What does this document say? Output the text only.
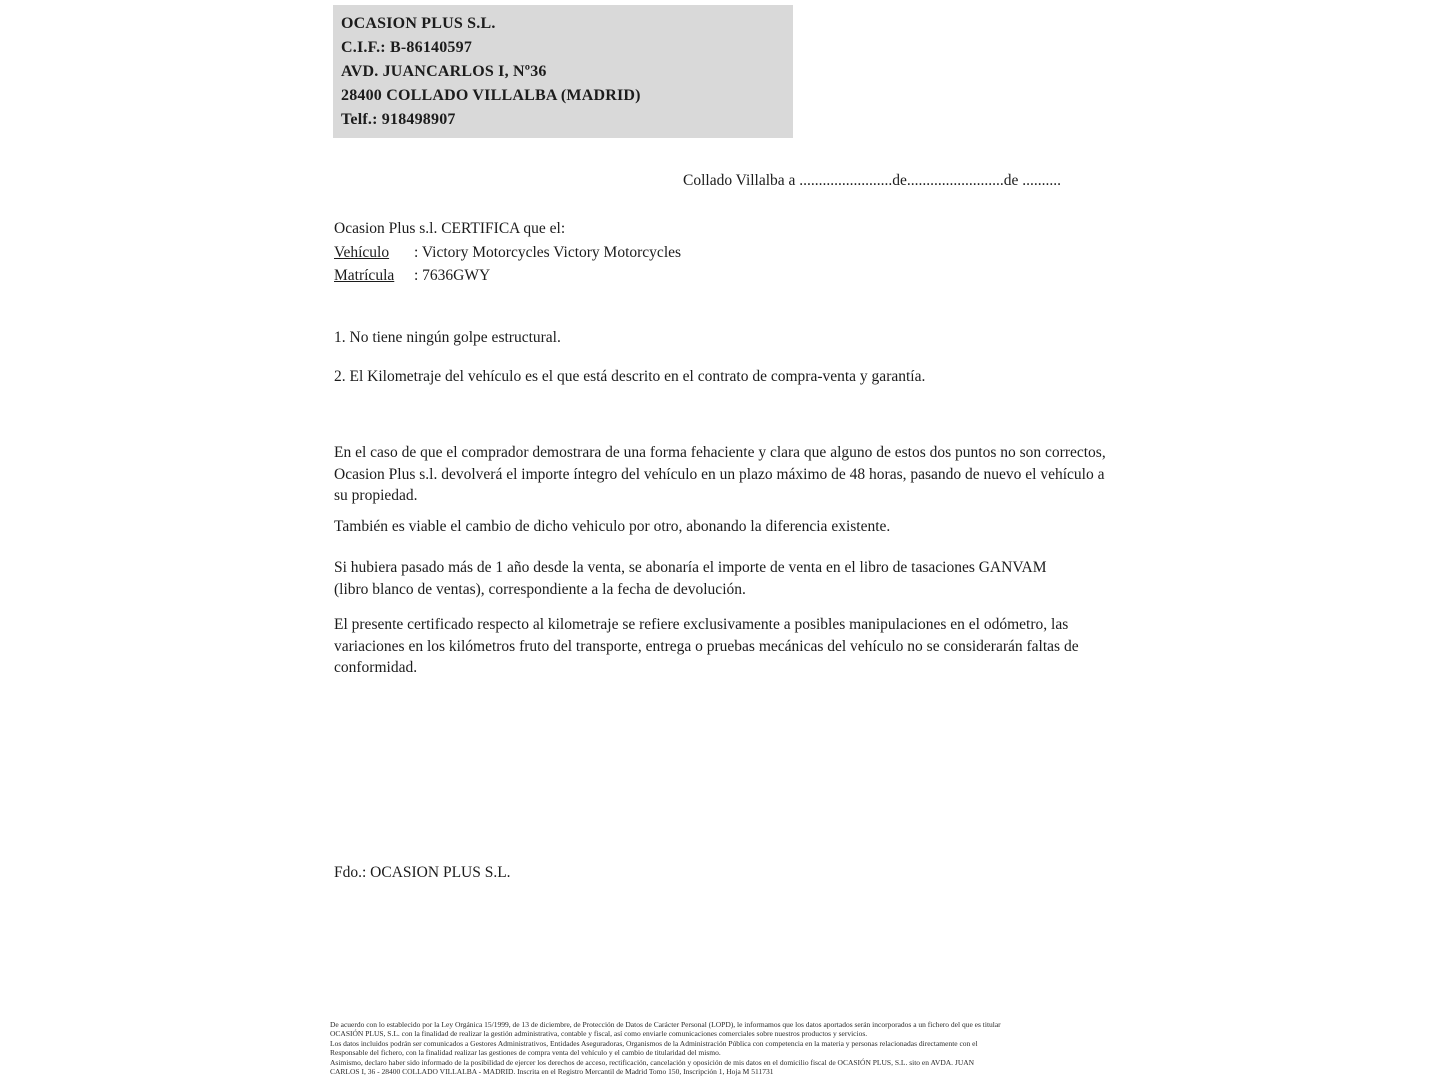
OCASION PLUS S.L.
C.I.F.: B-86140597
AVD. JUANCARLOS I, Nº36
28400 COLLADO VILLALBA (MADRID)
Telf.: 918498907
Collado Villalba a ........................de.........................de ..........
Ocasion Plus s.l. CERTIFICA que el:
Vehículo : Victory Motorcycles Victory Motorcycles
Matrícula : 7636GWY
1. No tiene ningún golpe estructural.
2. El Kilometraje del vehículo es el que está descrito en el contrato de compra-venta y garantía.
En el caso de que el comprador demostrara de una forma fehaciente y clara que alguno de estos dos puntos no son correctos, Ocasion Plus s.l. devolverá el importe íntegro del vehículo en un plazo máximo de 48 horas, pasando de nuevo el vehículo a su propiedad.
También es viable el cambio de dicho vehiculo por otro, abonando la diferencia existente.
Si hubiera pasado más de 1 año desde la venta, se abonaría el importe de venta en el libro de tasaciones GANVAM (libro blanco de ventas), correspondiente a la fecha de devolución.
El presente certificado respecto al kilometraje se refiere exclusivamente a posibles manipulaciones en el odómetro, las variaciones en los kilómetros fruto del transporte, entrega o pruebas mecánicas del vehículo no se considerarán faltas de conformidad.
Fdo.: OCASION PLUS S.L.
De acuerdo con lo establecido por la Ley Orgánica 15/1999, de 13 de diciembre, de Protección de Datos de Carácter Personal (LOPD), le informamos que los datos aportados serán incorporados a un fichero del que es titular
OCASIÓN PLUS, S.L. con la finalidad de realizar la gestión administrativa, contable y fiscal, así como enviarle comunicaciones comerciales sobre nuestros productos y servicios.
Los datos incluidos podrán ser comunicados a Gestores Administrativos, Entidades Aseguradoras, Organismos de la Administración Pública con competencia en la materia y personas relacionadas directamente con el
Responsable del fichero, con la finalidad realizar las gestiones de compra venta del vehículo y el cambio de titularidad del mismo.
Asimismo, declaro haber sido informado de la posibilidad de ejercer los derechos de acceso, rectificación, cancelación y oposición de mis datos en el domicilio fiscal de OCASIÓN PLUS, S.L. sito en AVDA. JUAN
CARLOS I, 36 - 28400 COLLADO VILLALBA - MADRID. Inscrita en el Registro Mercantil de Madrid Tomo 150, Inscripción 1, Hoja M 511731
